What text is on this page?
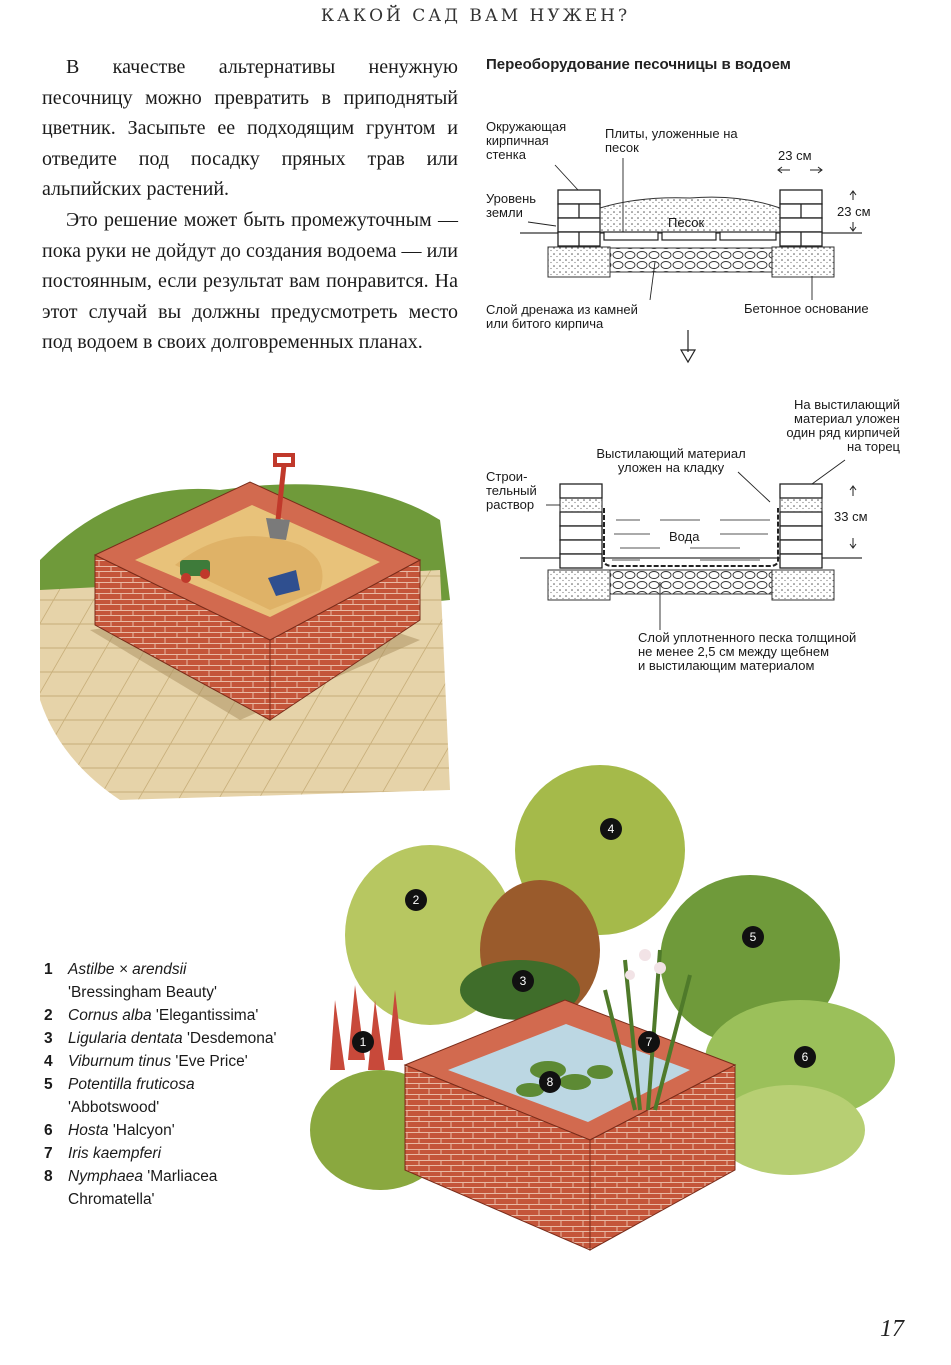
КАКОЙ САД ВАМ НУЖЕН?

В качестве альтернативы ненужную песочницу можно превратить в приподнятый цветник. Засыпьте ее подходящим грунтом и отведите под посадку пряных трав или альпийских растений.

Это решение может быть промежуточным — пока руки не дойдут до создания водоема — или постоянным, если результат вам понравится. На этот случай вы должны предусмотреть место под водоем в своих долговременных планах.

Переоборудование песочницы в водоем
Окружающая
кирпичная
стенка
Плиты, уложенные на
песок
23 см
Уровень
земли	23 см
Песок
Слой дренажа из камней
или битого кирпича
Бетонное основание
На выстилающий
материал уложен
один ряд кирпичей
на торец
Выстилающий материал
уложен на кладку
Строи-
тельный
раствор
33 см
Вода
Слой уплотненного песка толщиной
не менее 2,5 см между щебнем
и выстилающим материалом
1
2
3
4
5
6
7
8
1 Astilbe × arendsii
'Bressingham Beauty'
2 Cornus alba 'Elegantissima'
3 Ligularia dentata 'Desdemona'
4 Viburnum tinus 'Eve Price'
5 Potentilla fruticosa
'Abbotswood'
6 Hosta 'Halcyon'
7 Iris kaempferi
8 Nymphaea 'Marliacea Chromatella'
17
